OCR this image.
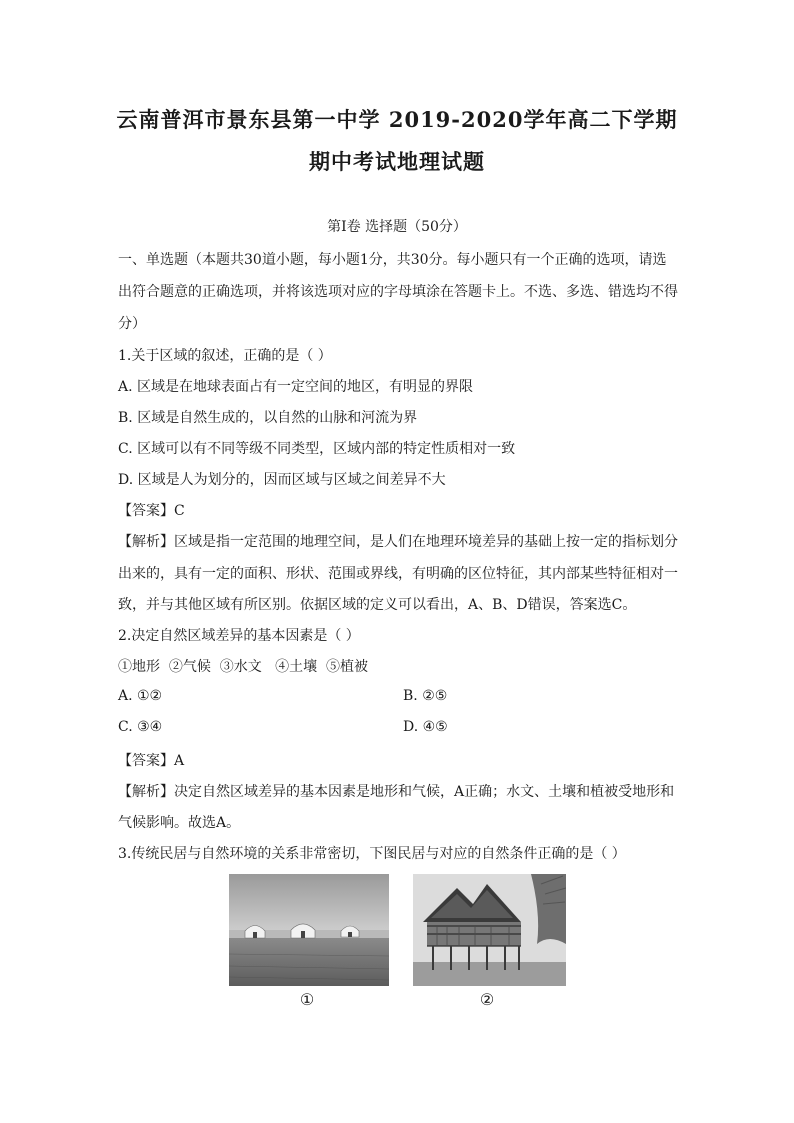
云南普洱市景东县第一中学 2019-2020学年高二下学期
期中考试地理试题
第Ⅰ卷 选择题（50分）
一、单选题（本题共30道小题，每小题1分，共30分。每小题只有一个正确的选项，请选
出符合题意的正确选项，并将该选项对应的字母填涂在答题卡上。不选、多选、错选均不得
分）
1.关于区域的叙述，正确的是（ ）
A. 区域是在地球表面占有一定空间的地区，有明显的界限
B. 区域是自然生成的，以自然的山脉和河流为界
C. 区域可以有不同等级不同类型，区域内部的特定性质相对一致
D. 区域是人为划分的，因而区域与区域之间差异不大
【答案】C
【解析】区域是指一定范围的地理空间，是人们在地理环境差异的基础上按一定的指标划分
出来的，具有一定的面积、形状、范围或界线，有明确的区位特征，其内部某些特征相对一
致，并与其他区域有所区别。依据区域的定义可以看出，A、B、D错误，答案选C。
2.决定自然区域差异的基本因素是（ ）
①地形  ②气候  ③水文   ④土壤  ⑤植被
A. ①②	B. ②⑤
C. ③④	D. ④⑤
【答案】A
【解析】决定自然区域差异的基本因素是地形和气候，A正确；水文、土壤和植被受地形和
气候影响。故选A。
3.传统民居与自然环境的关系非常密切，下图民居与对应的自然条件正确的是（ ）
①	②
